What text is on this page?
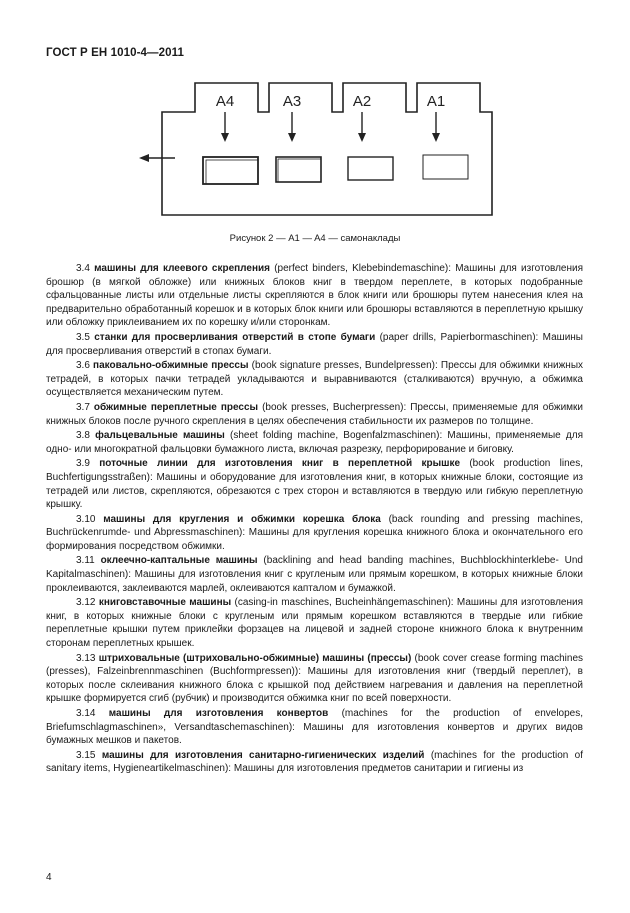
ГОСТ Р ЕН 1010-4—2011
A4	A3	A2	A1
Рисунок 2 — A1 — A4 — самонаклады

3.4 машины для клеевого скрепления (perfect binders, Klebebindemaschine): Машины для изготовления брошюр (в мягкой обложке) или книжных блоков книг в твердом переплете, в которых подобранные сфальцованные листы или отдельные листы скрепляются в блок книги или брошюры путем нанесения клея на предварительно обработанный корешок и в которых блок книги или брошюры вставляются в переплетную крышку или обложку приклеиванием их по корешку и/или сторонкам.

3.5 станки для просверливания отверстий в стопе бумаги (paper drills, Papierbormaschinen): Машины для просверливания отверстий в стопах бумаги.

3.6 паковально-обжимные прессы (book signature presses, Bundelpressen): Прессы для обжимки книжных тетрадей, в которых пачки тетрадей укладываются и выравниваются (сталкиваются) вручную, а обжимка осуществляется механическим путем.

3.7 обжимные переплетные прессы (book presses, Bucherpressen): Прессы, применяемые для обжимки книжных блоков после ручного скрепления в целях обеспечения стабильности их размеров по толщине.

3.8 фальцевальные машины (sheet folding machine, Bogenfalzmaschinen): Машины, применяемые для одно- или многократной фальцовки бумажного листа, включая разрезку, перфорирование и биговку.

3.9 поточные линии для изготовления книг в переплетной крышке (book production lines, Buchfertigungsstraßen): Машины и оборудование для изготовления книг, в которых книжные блоки, состоящие из тетрадей или листов, скрепляются, обрезаются с трех сторон и вставляются в твердую или гибкую переплетную крышку.

3.10 машины для кругления и обжимки корешка блока (back rounding and pressing machines, Buchrückenrumde- und Abpressmaschinen): Машины для кругления корешка книжного блока и окончательного его формирования посредством обжимки.

3.11 оклеечно-каптальные машины (backlining and head banding machines, Buchblockhinterklebe- Und Kapitalmaschinen): Машины для изготовления книг с кругленым или прямым корешком, в которых книжные блоки проклеиваются, заклеиваются марлей, оклеиваются капталом и бумажкой.

3.12 книговставочные машины (casing-in maschines, Bucheinhängemaschinen): Машины для изготовления книг, в которых книжные блоки с кругленым или прямым корешком вставляются в твердые или гибкие переплетные крышки путем приклейки форзацев на лицевой и задней стороне книжного блока к внутренним сторонам переплетных крышек.

3.13 штриховальные (штриховально-обжимные) машины (прессы) (book cover crease forming machines (presses), Falzeinbrennmaschinen (Buchformpressen)): Машины для изготовления книг (твердый переплет), в которых после склеивания книжного блока с крышкой под действием нагревания и давления на переплетной крышке формируется сгиб (рубчик) и производится обжимка книг по всей поверхности.

3.14 машины для изготовления конвертов (machines for the production of envelopes, Briefumschlagmaschinen», Versandtaschemaschinen): Машины для изготовления конвертов и других видов бумажных мешков и пакетов.

3.15 машины для изготовления санитарно-гигиенических изделий (machines for the production of sanitary items, Hygieneartikelmaschinen): Машины для изготовления предметов санитарии и гигиены из

4
